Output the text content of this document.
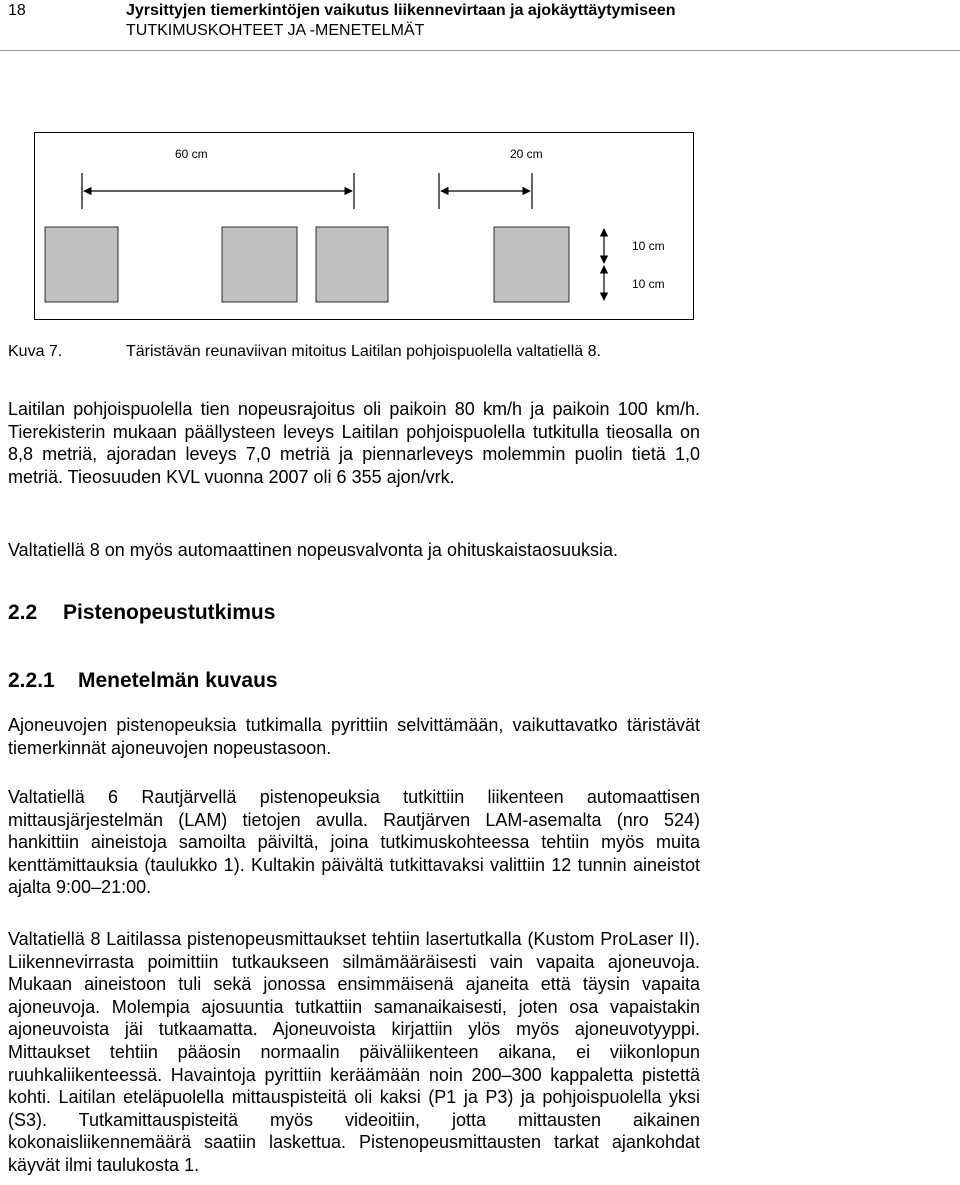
18	Jyrsittyjen tiemerkintöjen vaikutus liikennevirtaan ja ajokäyttäytymiseen
TUTKIMUSKOHTEET JA -MENETELMÄT
60 cm	20 cm
10 cm
10 cm
Kuva 7.	Täristävän reunaviivan mitoitus Laitilan pohjoispuolella valtatiellä 8.

Laitilan pohjoispuolella tien nopeusrajoitus oli paikoin 80 km/h ja paikoin 100 km/h. Tierekisterin mukaan päällysteen leveys Laitilan pohjoispuolella tutkitulla tieosalla on 8,8 metriä, ajoradan leveys 7,0 metriä ja piennarleveys molemmin puolin tietä 1,0 metriä. Tieosuuden KVL vuonna 2007 oli 6 355 ajon/vrk.

Valtatiellä 8 on myös automaattinen nopeusvalvonta ja ohituskaistaosuuksia.

2.2 Pistenopeustutkimus
2.2.1 Menetelmän kuvaus

Ajoneuvojen pistenopeuksia tutkimalla pyrittiin selvittämään, vaikuttavatko täristävät tiemerkinnät ajoneuvojen nopeustasoon.

Valtatiellä 6 Rautjärvellä pistenopeuksia tutkittiin liikenteen automaattisen mittausjärjestelmän (LAM) tietojen avulla. Rautjärven LAM-asemalta (nro 524) hankittiin aineistoja samoilta päiviltä, joina tutkimuskohteessa tehtiin myös muita kenttämittauksia (taulukko 1). Kultakin päivältä tutkittavaksi valittiin 12 tunnin aineistot ajalta 9:00–21:00.

Valtatiellä 8 Laitilassa pistenopeusmittaukset tehtiin lasertutkalla (Kustom ProLaser II). Liikennevirrasta poimittiin tutkaukseen silmämääräisesti vain vapaita ajoneuvoja. Mukaan aineistoon tuli sekä jonossa ensimmäisenä ajaneita että täysin vapaita ajoneuvoja. Molempia ajosuuntia tutkattiin samanaikaisesti, joten osa vapaistakin ajoneuvoista jäi tutkaamatta. Ajoneuvoista kirjattiin ylös myös ajoneuvotyyppi. Mittaukset tehtiin pääosin normaalin päiväliikenteen aikana, ei viikonlopun ruuhkaliikenteessä. Havaintoja pyrittiin keräämään noin 200–300 kappaletta pistettä kohti. Laitilan eteläpuolella mittauspisteitä oli kaksi (P1 ja P3) ja pohjoispuolella yksi (S3). Tutkamittauspisteitä myös videoitiin, jotta mittausten aikainen kokonaisliikennemäärä saatiin laskettua. Pistenopeusmittausten tarkat ajankohdat käyvät ilmi taulukosta 1.
